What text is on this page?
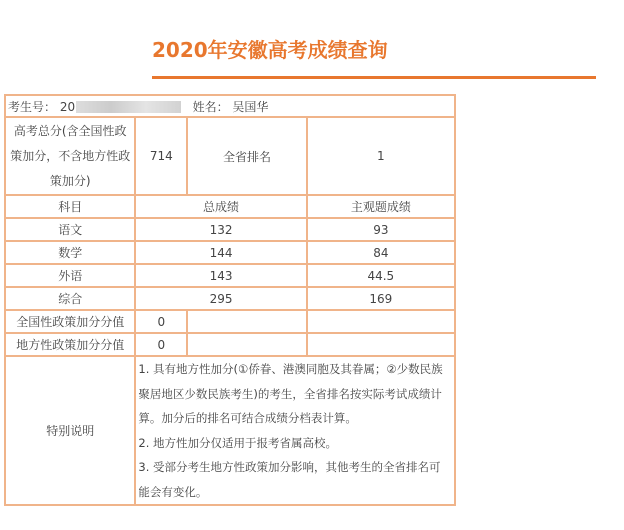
2020年安徽高考成绩查询
考生号： 20 姓名： 吴国华			
高考总分(含全国性政策加分，不含地方性政策加分)	714	全省排名	1
科目	总成绩		主观题成绩
语文	132		93
数学	144		84
外语	143		44.5
综合	295		169
全国性政策加分分值	0		
地方性政策加分分值	0		
特别说明	1. 具有地方性加分(①侨眷、港澳同胞及其眷属；②少数民族聚居地区少数民族考生)的考生，全省排名按实际考试成绩计算。加分后的排名可结合成绩分档表计算。
2. 地方性加分仅适用于报考省属高校。
3. 受部分考生地方性政策加分影响，其他考生的全省排名可能会有变化。		
